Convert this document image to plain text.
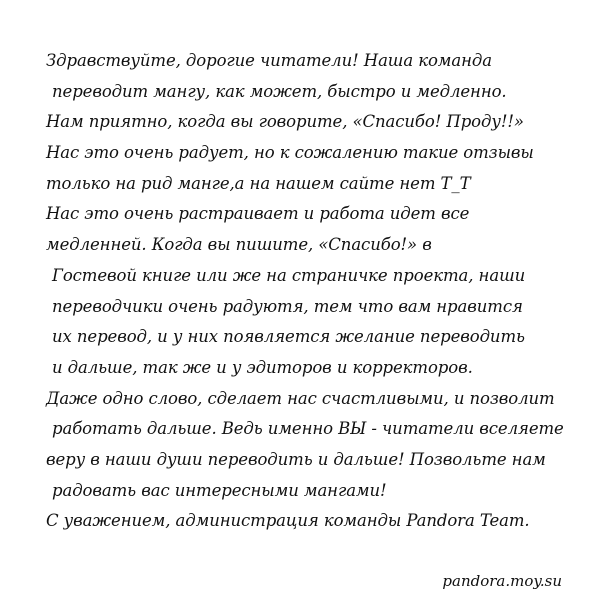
Здравствуйте, дорогие читатели! Наша команда
переводит мангу, как может, быстро и медленно.
Нам приятно, когда вы говорите, «Спасибо! Проду!!»
Нас это очень радует, но к сожалению такие отзывы
только на рид манге,а на нашем сайте нет T_T
Нас это очень растраивает и работа идет все
медленней. Когда вы пишите, «Спасибо!» в
Гостевой книге или же на страничке проекта, наши
переводчики очень радуютя, тем что вам нравится
их перевод, и у них появляется желание переводить
и дальше, так же и у эдиторов и корректоров.
Даже одно слово, сделает нас счастливыми, и позволит
работать дальше. Ведь именно ВЫ - читатели вселяете
веру в наши души переводить и дальше! Позвольте нам
радовать вас интересными мангами!
С уважением, администрация команды Pandora Team.
pandora.moy.su
